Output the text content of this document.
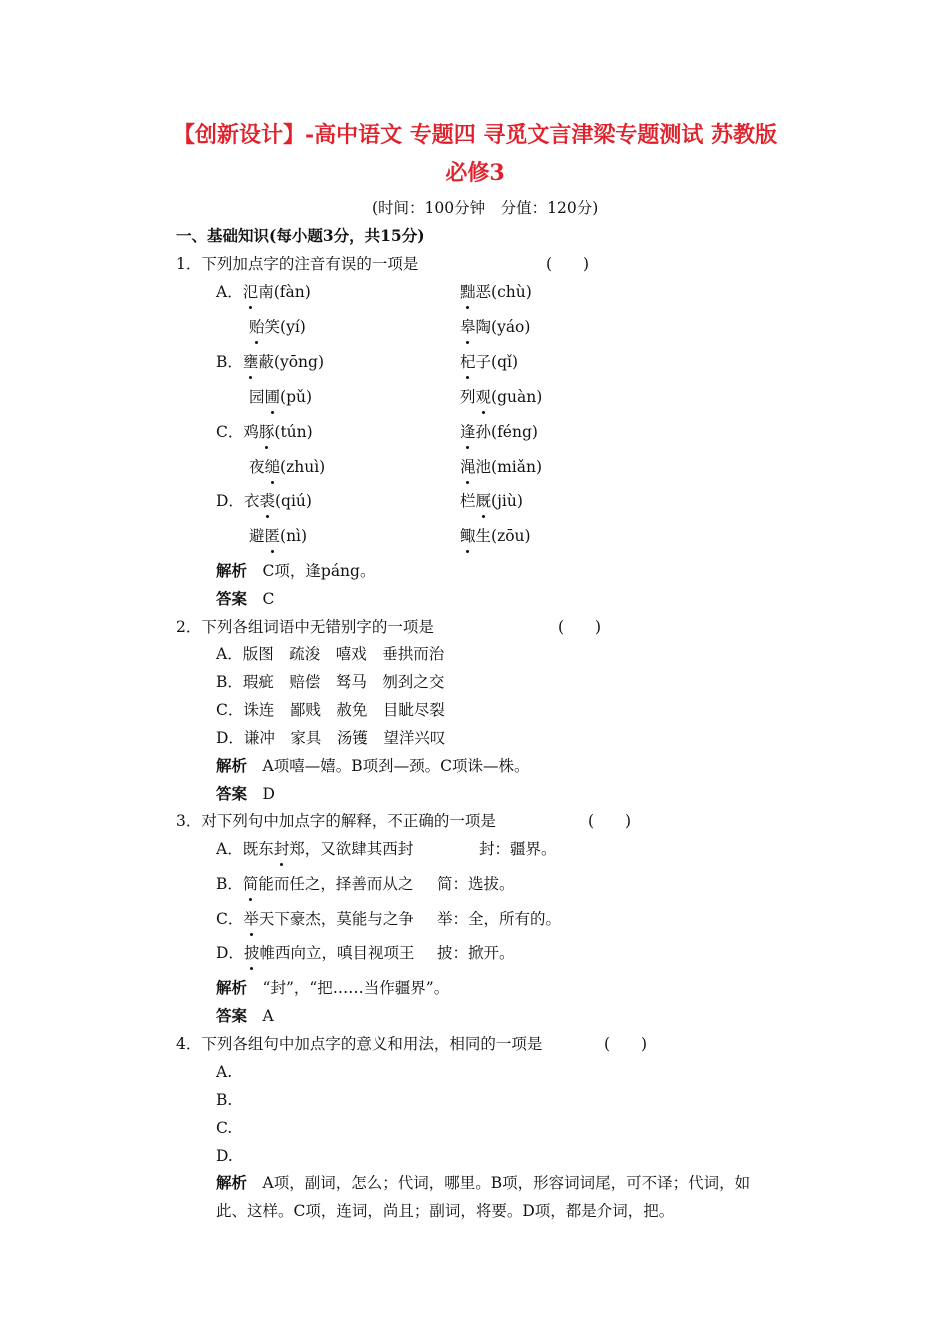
【创新设计】-高中语文 专题四 寻觅文言津梁专题测试 苏教版
必修3
(时间：100分钟　分值：120分)
一、基础知识(每小题3分，共15分)
1．下列加点字的注音有误的一项是	(　　)
A．氾南(fàn)	黜恶(chù)
贻笑(yí)	皋陶(yáo)
B．壅蔽(yōng)	杞子(qǐ)
园圃(pǔ)	列观(guàn)
C．鸡豚(tún)	逢孙(féng)
夜缒(zhuì)	渑池(miǎn)
D．衣裘(qiú)	栏厩(jiù)
避匿(nì)	鲰生(zōu)
解析　 C项，逢páng。
答案　 C
2．下列各组词语中无错别字的一项是	(　　)
A．版图　疏浚　嘻戏　垂拱而治
B．瑕疵　赔偿　驽马　刎刭之交
C．诛连　鄙贱　赦免　目眦尽裂
D．谦冲　家具　汤镬　望洋兴叹
解析　 A项嘻—嬉。B项刭—颈。C项诛—株。
答案　 D
3．对下列句中加点字的解释，不正确的一项是	(　　)
A．既东封郑，又欲肆其西封	封：疆界。
B．简能而任之，择善而从之 简：选拔。
C．举天下豪杰，莫能与之争 举：全，所有的。
D．披帷西向立，嗔目视项王 披：掀开。
解析　 “封”，“把……当作疆界”。
答案　 A
4．下列各组句中加点字的意义和用法，相同的一项是	(　　)
A.
B.
C.
D.
解析　 A项，副词，怎么；代词，哪里。B项，形容词词尾，可不译；代词，如
此、这样。C项，连词，尚且；副词，将要。D项，都是介词，把。
